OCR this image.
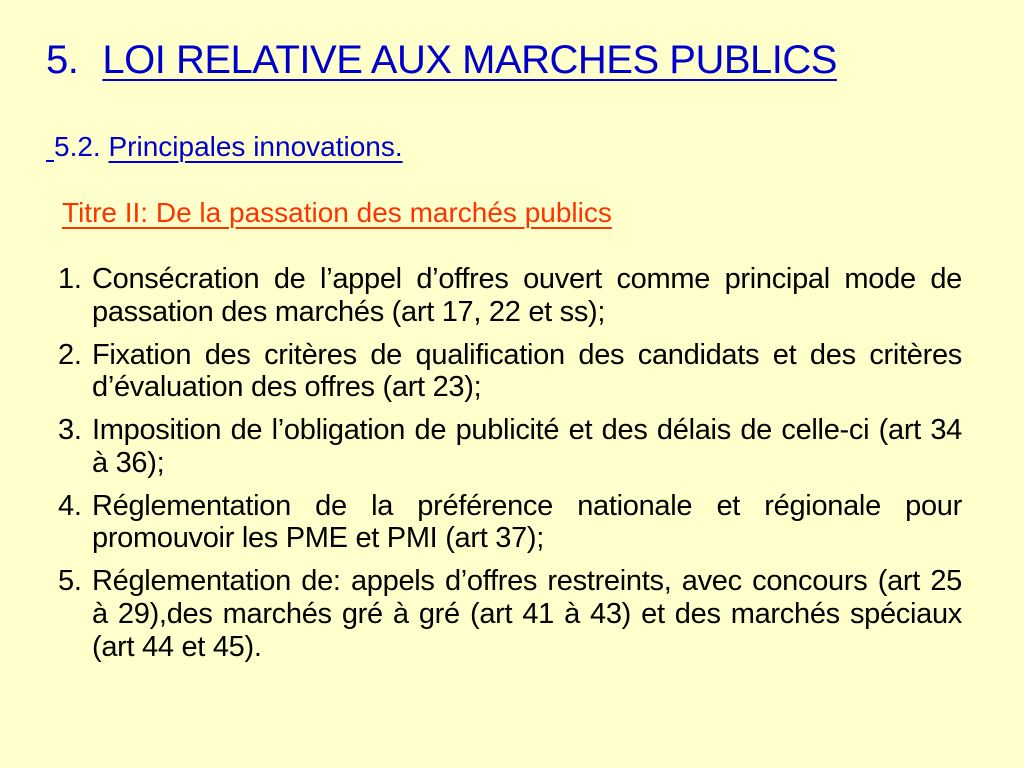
5. LOI RELATIVE AUX MARCHES PUBLICS
5.2. Principales innovations.
Titre II: De la passation des marchés publics
1. Consécration de l’appel d’offres ouvert comme principal mode de passation des marchés (art 17, 22 et ss);
2. Fixation des critères de qualification des candidats et des critères d’évaluation des offres (art 23);
3. Imposition de l’obligation de publicité et des délais de celle-ci (art 34 à 36);
4. Réglementation de la préférence nationale et régionale pour promouvoir les PME et PMI (art 37);
5. Réglementation de: appels d’offres restreints, avec concours (art 25 à 29),des marchés gré à gré (art 41 à 43) et des marchés spéciaux (art 44 et 45).
